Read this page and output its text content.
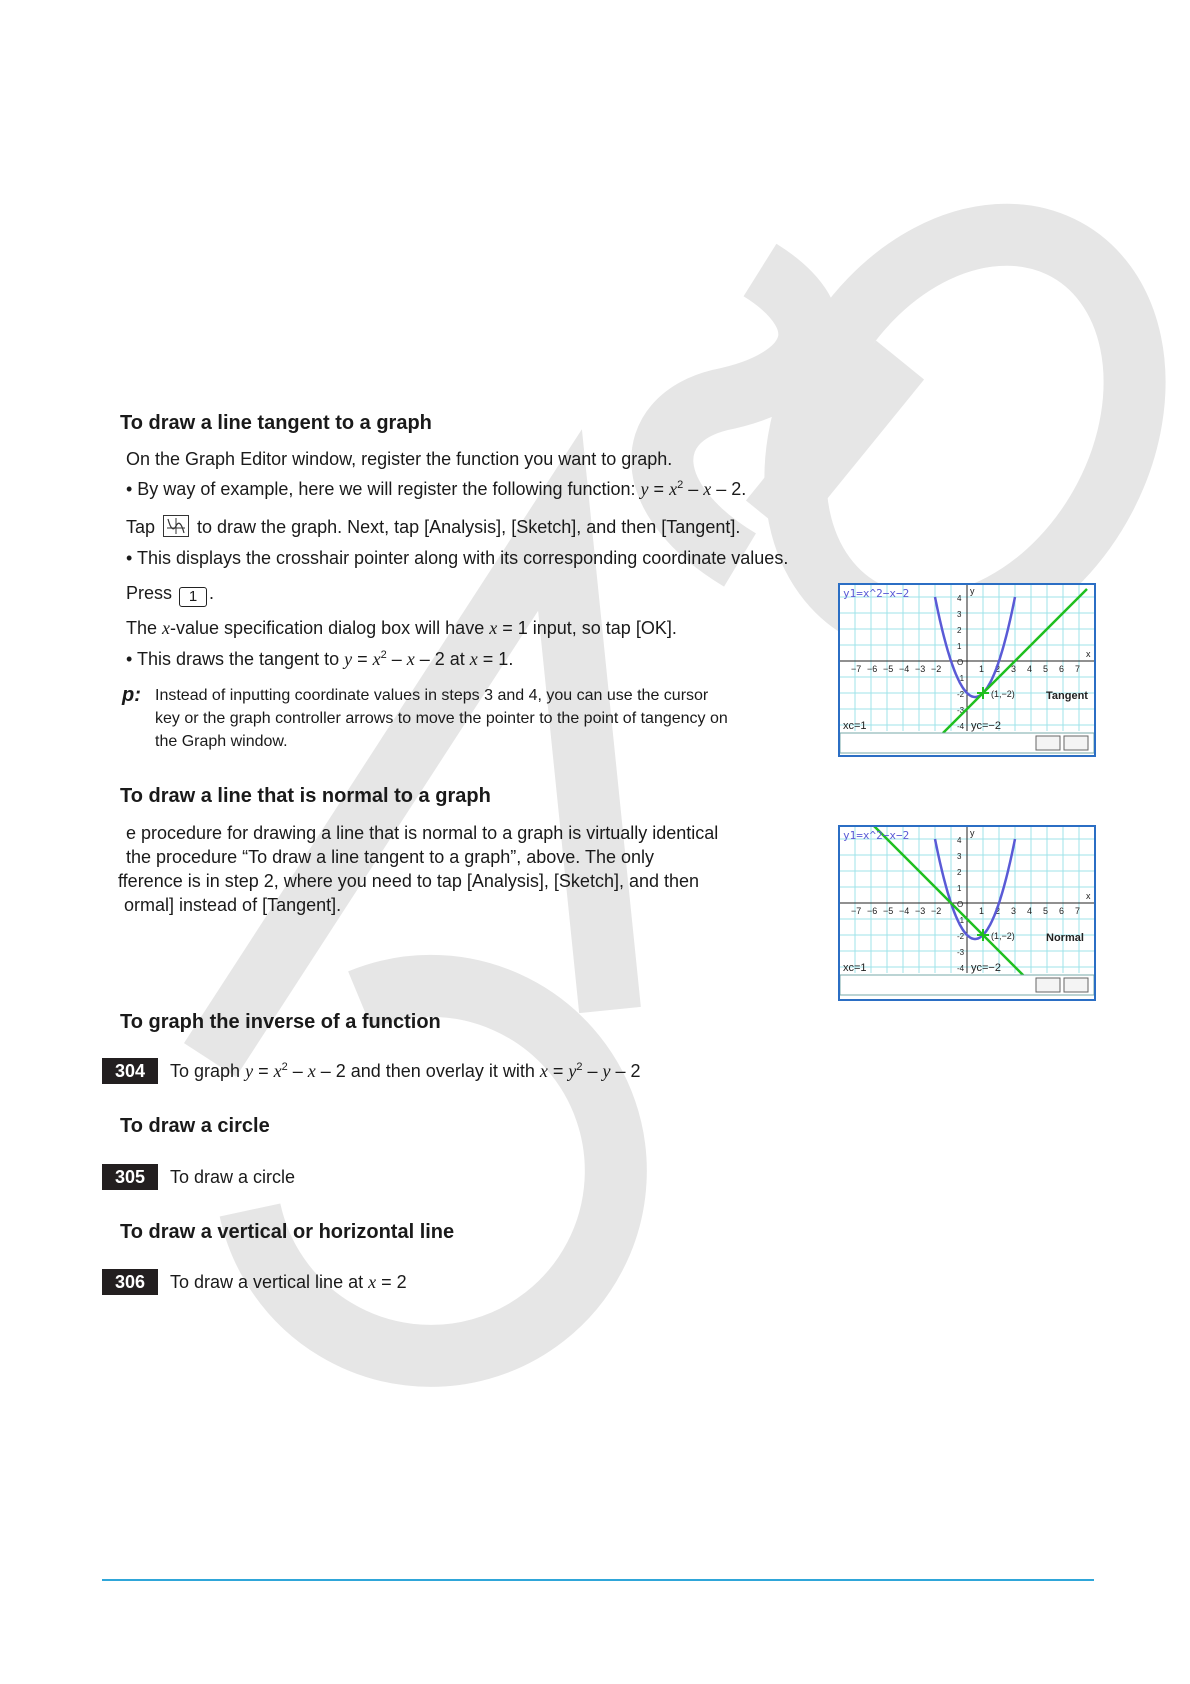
To draw a line tangent to a graph
On the Graph Editor window, register the function you want to graph.
• By way of example, here we will register the following function: $y = x^2 - x - 2$.
Tap  to draw the graph. Next, tap [Analysis], [Sketch], and then [Tangent].
• This displays the crosshair pointer along with its corresponding coordinate values.
Press 1 .
The x-value specification dialog box will have x = 1 input, so tap [OK].
• This draws the tangent to $y = x^2 - x - 2$ at x = 1.
p: Instead of inputting coordinate values in steps 3 and 4, you can use the cursor
key or the graph controller arrows to move the pointer to the point of tangency on
the Graph window.
To draw a line that is normal to a graph
e procedure for drawing a line that is normal to a graph is virtually identical
the procedure “To draw a line tangent to a graph”, above. The only
fference is in step 2, where you need to tap [Analysis], [Sketch], and then
ormal] instead of [Tangent].
x
y
−7 −6 −5 −4 −3 −2	1 2 3 4 5 6 7
4
3
2
1
O
-1
-2
-3
-4
(1,−2)
y1=x^2−x−2
Tangent
xc=1	yc=−2
x
y
−7 −6 −5 −4 −3 −2	1 2 3 4 5 6 7
4
3
2
1
O
-1
-2
-3
-4
(1,−2)
y1=x^2−x−2
Normal
xc=1	yc=−2
To graph the inverse of a function
304	To graph $y = x^2 - x - 2$ and then overlay it with $x = y^2 - y - 2$
To draw a circle
305	To draw a circle
To draw a vertical or horizontal line
306	To draw a vertical line at x = 2
